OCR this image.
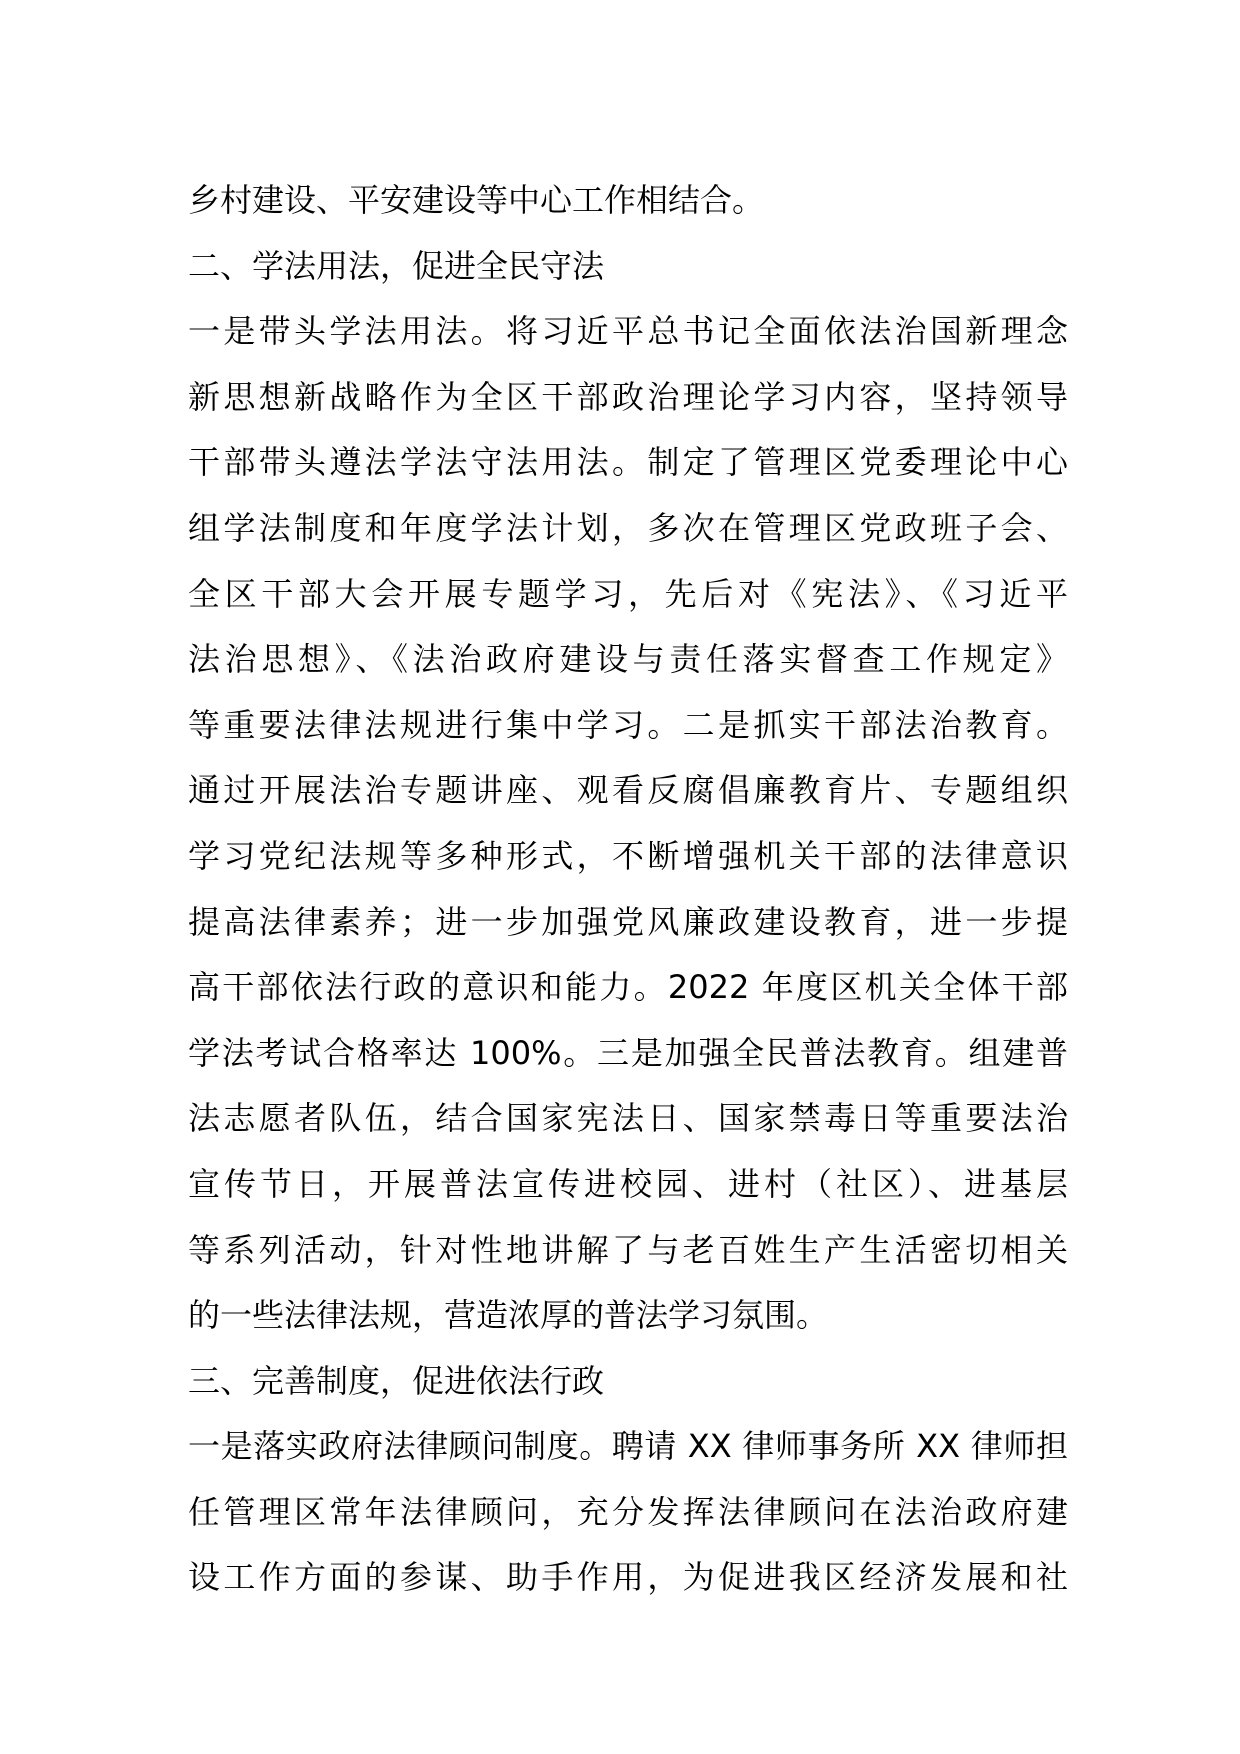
乡村建设、平安建设等中心工作相结合。
二、学法用法，促进全民守法
一是带头学法用法。将习近平总书记全面依法治国新理念
新思想新战略作为全区干部政治理论学习内容，坚持领导
干部带头遵法学法守法用法。制定了管理区党委理论中心
组学法制度和年度学法计划，多次在管理区党政班子会、
全区干部大会开展专题学习，先后对《宪法》、《习近平
法治思想》、《法治政府建设与责任落实督查工作规定》
等重要法律法规进行集中学习。二是抓实干部法治教育。
通过开展法治专题讲座、观看反腐倡廉教育片、专题组织
学习党纪法规等多种形式，不断增强机关干部的法律意识
提高法律素养；进一步加强党风廉政建设教育，进一步提
高干部依法行政的意识和能力。2022 年度区机关全体干部
学法考试合格率达 100%。三是加强全民普法教育。组建普
法志愿者队伍，结合国家宪法日、国家禁毒日等重要法治
宣传节日，开展普法宣传进校园、进村（社区）、进基层
等系列活动，针对性地讲解了与老百姓生产生活密切相关
的一些法律法规，营造浓厚的普法学习氛围。
三、完善制度，促进依法行政
一是落实政府法律顾问制度。聘请 XX 律师事务所 XX 律师担
任管理区常年法律顾问，充分发挥法律顾问在法治政府建
设工作方面的参谋、助手作用，为促进我区经济发展和社
